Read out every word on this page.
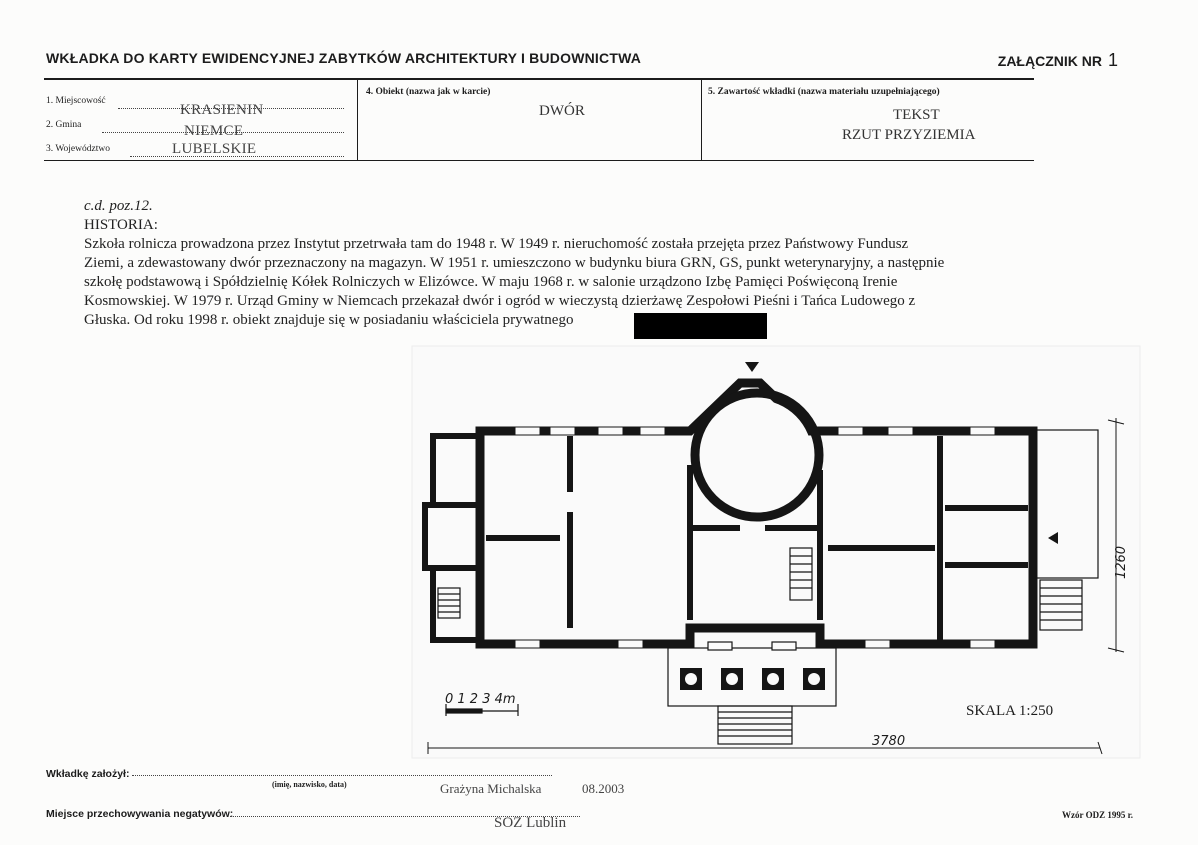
WKŁADKA DO KARTY EWIDENCYJNEJ ZABYTKÓW ARCHITEKTURY I BUDOWNICTWA	ZAŁĄCZNIK NR 1
1. Miejscowość
KRASIENIN
2. Gmina	NIEMCE
3. Województwo	LUBELSKIE
4. Obiekt (nazwa jak w karcie)
DWÓR
5. Zawartość wkładki (nazwa materiału uzupełniającego)
TEKST
RZUT PRZYZIEMIA
c.d. poz.12.
HISTORIA:
Szkoła rolnicza prowadzona przez Instytut przetrwała tam do 1948 r. W 1949 r. nieruchomość została przejęta przez Państwowy Fundusz
Ziemi, a zdewastowany dwór przeznaczony na magazyn. W 1951 r. umieszczono w budynku biura GRN, GS, punkt weterynaryjny, a następnie
szkołę podstawową i Spółdzielnię Kółek Rolniczych w Elizówce. W maju 1968 r. w salonie urządzono Izbę Pamięci Poświęconą Irenie
Kosmowskiej. W 1979 r. Urząd Gminy w Niemcach przekazał dwór i ogród w wieczystą dzierżawę Zespołowi Pieśni i Tańca Ludowego z
Głuska. Od roku 1998 r. obiekt znajduje się w posiadaniu właściciela prywatnego
0 1 2 3 4m
SKALA 1:250
3780
1260
Wkładkę założył:
(imię, nazwisko, data)	Grażyna Michalska	08.2003
Miejsce przechowywania negatywów:
SOZ Lublin	Wzór ODZ 1995 r.
